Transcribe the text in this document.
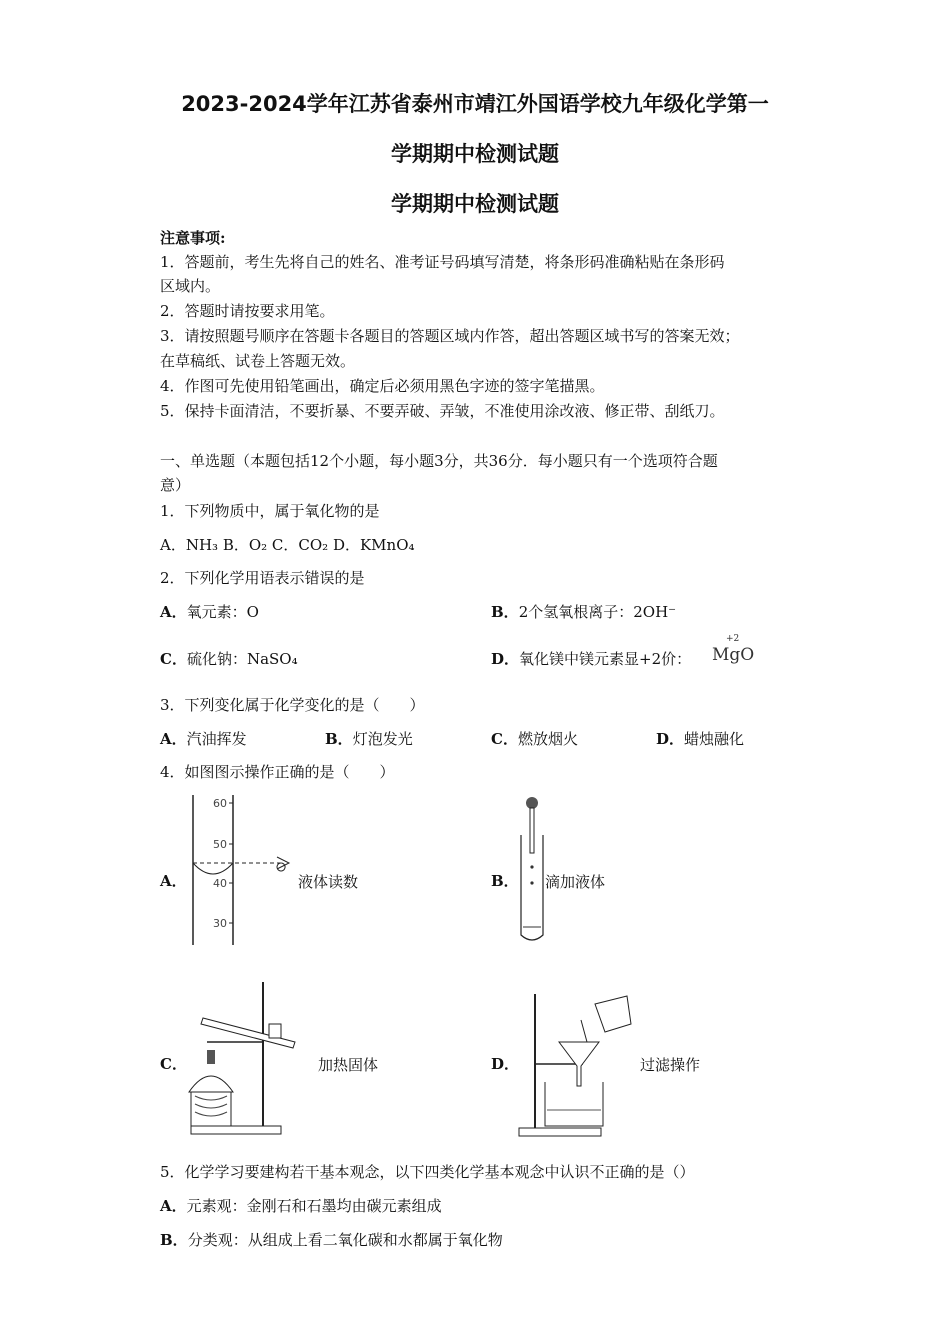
2023-2024学年江苏省泰州市靖江外国语学校九年级化学第一
学期期中检测试题
学期期中检测试题
注意事项:
1．答题前，考生先将自己的姓名、准考证号码填写清楚，将条形码准确粘贴在条形码
区域内。
2．答题时请按要求用笔。
3．请按照题号顺序在答题卡各题目的答题区域内作答，超出答题区域书写的答案无效；
在草稿纸、试卷上答题无效。
4．作图可先使用铅笔画出，确定后必须用黑色字迹的签字笔描黑。
5．保持卡面清洁，不要折暴、不要弄破、弄皱，不准使用涂改液、修正带、刮纸刀。
一、单选题（本题包括12个小题，每小题3分，共36分．每小题只有一个选项符合题
意）
1．下列物质中，属于氧化物的是
A．NH₃ B．O₂ C．CO₂ D．KMnO₄
2．下列化学用语表示错误的是
A．氧元素：O	B．2个氢氧根离子：2OH⁻
C．硫化钠：NaSO₄	D．氧化镁中镁元素显+2价：
+2
MgO
3．下列变化属于化学变化的是（　　）
A．汽油挥发	B．灯泡发光	C．燃放烟火	D．蜡烛融化
4．如图图示操作正确的是（　　）
A．
60
50
40
30
液体读数	B． 滴加液体
C．	加热固体	D．	过滤操作
5．化学学习要建构若干基本观念，以下四类化学基本观念中认识不正确的是（）
A．元素观：金刚石和石墨均由碳元素组成
B．分类观：从组成上看二氧化碳和水都属于氧化物
